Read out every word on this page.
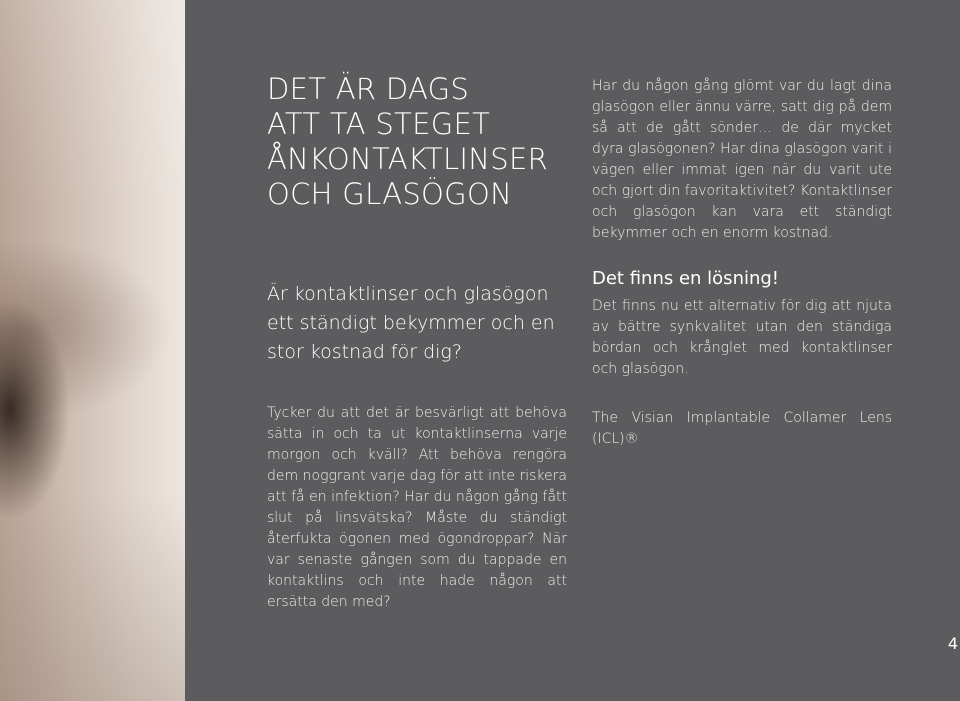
DET ÄR DAGS
ATT TA STEGET
ÅNKONTAKTLINSER
OCH GLASÖGON
Är kontaktlinser och glasögon ett ständigt bekymmer och en stor kostnad för dig?

Tycker du att det är besvärligt att behöva sätta in och ta ut kontaktlinserna varje morgon och kväll? Att behöva rengöra dem noggrant varje dag för att inte riskera att få en infektion? Har du någon gång fått slut på linsvätska? Måste du ständigt återfukta ögonen med ögondroppar? När var senaste gången som du tappade en kontaktlins och inte hade någon att ersätta den med?

Har du någon gång glömt var du lagt dina glasögon eller ännu värre, satt dig på dem så att de gått sönder… de där mycket dyra glasögonen? Har dina glasögon varit i vägen eller immat igen när du varit ute och gjort din favoritaktivitet? Kontaktlinser och glasögon kan vara ett ständigt bekymmer och en enorm kostnad.

Det finns en lösning!

Det finns nu ett alternativ för dig att njuta av bättre synkvalitet utan den ständiga bördan och krånglet med kontaktlinser och glasögon.

The Visian Implantable Collamer Lens (ICL)®

4
